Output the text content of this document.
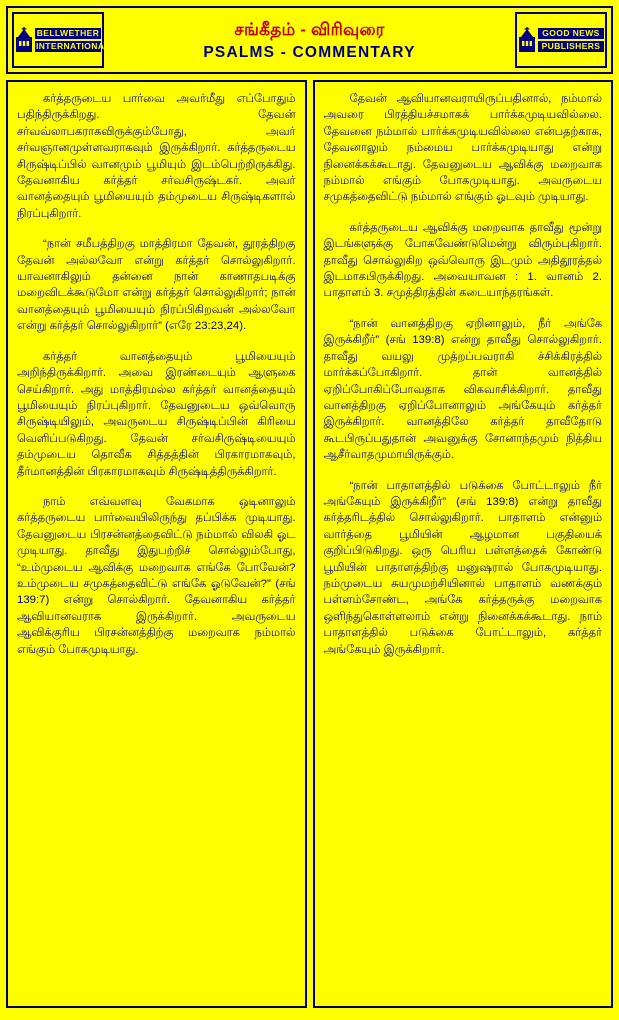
BELLWETHER
INTERNATIONAL
சங்கீதம் - விரிவுரை
PSALMS - COMMENTARY
GOOD NEWS
PUBLISHERS

கர்த்தருடைய பார்வை அவர்மீது எப்போதும் பதிந்திருக்கிறது. தேவன் சர்வவ்லாபகராகவிருக்கும்போது, அவர் சர்வஞானமுள்ளவராகவும் இருக்கிறார். கர்த்தருடைய சிருஷ்டிப்பில் வானமும் பூமியும் இடம்பெற்றிருக்கிது. தேவனாகிய கர்த்தர் சர்வசிருஷ்டகர். அவர் வானத்தையும் பூமியையும் தம்முடைய சிருஷ்டிகளால் நிரப்புகிறார்.

“நான் சமீபத்திறகு மாத்திரமா தேவன், தூரத்திறகு தேவன் அல்லவோ என்று கர்த்தர் சொல்லுகிறார். யாவனாகிலும் தன்னை நான் காணாதபடிக்கு மறைவிடக்கூடுமோ என்று கர்த்தர் சொல்லுகிறார்; நான் வானத்தையும் பூமியையும் நிரப்பிகிறவன் அல்லவோ என்று கர்த்தர் சொல்லுகிறார்” (எரே 23:23,24).

கர்த்தர் வானத்தையும் பூமியையும் அறிந்திருக்கிறார். அவை இரண்டையும் ஆளுகை செய்கிறார். அது மாத்திரமல்ல கர்த்தர் வானத்தையும் பூமியையும் நிரப்புகிறார். தேவனுடைய ஒவ்வொரு சிருஷ்டியிலும், அவருடைய சிருஷ்டிப்பின் கிரியை வெளிப்படுகிறது. தேவன் சர்வசிருஷ்டியையும் தம்முடைய தொவீக சித்தத்தின் பிரகாரமாகவும், தீர்மானத்தின் பிரகாரமாகவும் சிருஷ்டித்திருக்கிறார்.

நாம் எவ்வளவு வேகமாக ஒடினாலும் கர்த்தருடைய பார்வையிலிருந்து தப்பிக்க முடியாது. தேவனுடைய பிரசன்னத்தைவிட்டு நம்மால் விலகி ஓட முடியாது. தாவீது இதுபற்றிச் சொல்லும்போது, “உம்முடைய ஆவிக்கு மறைவாக எங்கே போவேன்? உம்முடைய சமுகத்தைவிட்டு எங்கே ஓடுவேன்?” (சங் 139:7) என்று சொல்கிறார். தேவனாகிய கர்த்தர் ஆவியானவராக இருக்கிறார். அவருடைய ஆவிக்குரிய பிரசன்னத்திற்கு மறைவாக நம்மால் எங்கும் போகமுடியாது.

தேவன் ஆவியானவராயிருப்பதினால், நம்மால் அவரை பிரத்தியச்சமாகக் பார்க்கமுடியவில்லை. தேவனை நம்மால் பார்க்கமுடியவில்லை என்பதற்காக, தேவனாலும் நம்மைய பார்க்கமுடியாது என்று நினைக்கக்கூடாது. தேவனுடைய ஆவிக்கு மறைவாக நம்மால் எங்கும் போகமுடியாது. அவருடைய சமுகத்தைவிட்டு நம்மால் எங்கும் ஓடவும் முடியாது.

கர்த்தருடைய ஆவிக்கு மறைவாக தாவீது மூன்று இடங்களுக்கு போகவேண்டுமென்று விரும்புகிறார். தாவீது சொல்லுகிற ஒவ்வொரு இடமும் அதிதூரத்தல் இடமாகபிருக்கிறது. அவையாவன : 1. வானம் 2. பாதாளம் 3. சமுத்திரத்தின் கடையாந்தரங்கள்.

“நான் வானத்திறகு ஏறினாலும், நீர் அங்கே இருக்கிறீர்” (சங் 139:8) என்று தாவீது சொல்லுகிறார். தாவீது வயலு முத்றப்பவராகி ச்சிக்கிரத்தில் மார்க்கப்போகிறார். தான் வானத்தில் ஏறிப்போகிப்போவதாக விகவாசிக்கிறார். தாவீது வானத்திறகு ஏறிப்போனாலும் அங்கேயும் கர்த்தர் இருக்கிறார். வானத்திலே கர்த்தர் தாவீதோடு கூடபிருப்பதுதான் அவனுக்கு சோனாந்தமும் நித்திய ஆசீர்வாதமுமாயிருக்கும்.

“நான் பாதாளத்தில் படுக்கை போட்டாலும் நீர் அங்கேயும் இருக்கிறீர்” (சங் 139:8) என்று தாவீது கர்த்தரிடத்தில் சொல்லுகிறார். பாதாளம் என்னும் வார்த்தை பூமியின் ஆழமான பகுதியைக் குறிப்பிடுகிறது. ஒரு பெரிய பள்ளத்தைக் கோண்டு பூமியின் பாதாளத்திற்கு மனுஷரால் போகமுடியாது. நம்முடைய சுயமுமற்சியினால் பாதாளம் வணக்கும் பள்ளம்சோண்ட, அங்கே கர்த்தருக்கு மறைவாக ஒளிந்துகொள்ளலாம் என்று நினைக்கக்கூடாது. நாம் பாதாளத்தில் படுக்கை போட்டாலும், கர்த்தர் அங்கேயும் இருக்கிறார்.
